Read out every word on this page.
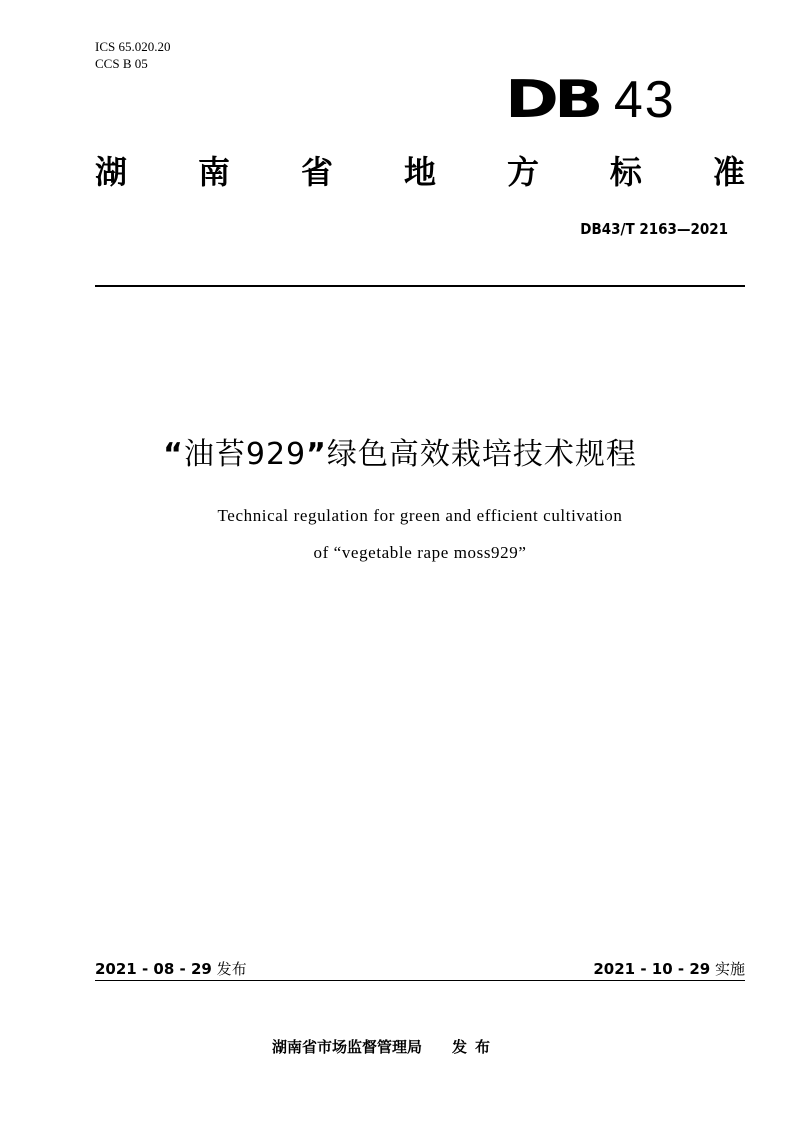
ICS 65.020.20
CCS B 05
DB 43
湖 南 省 地 方 标 准
DB43/T 2163—2021
“油苔929”绿色高效栽培技术规程
Technical regulation for green and efficient cultivation
of “vegetable rape moss929”
2021 - 08 - 29 发布	2021 - 10 - 29 实施
湖南省市场监督管理局 发布
